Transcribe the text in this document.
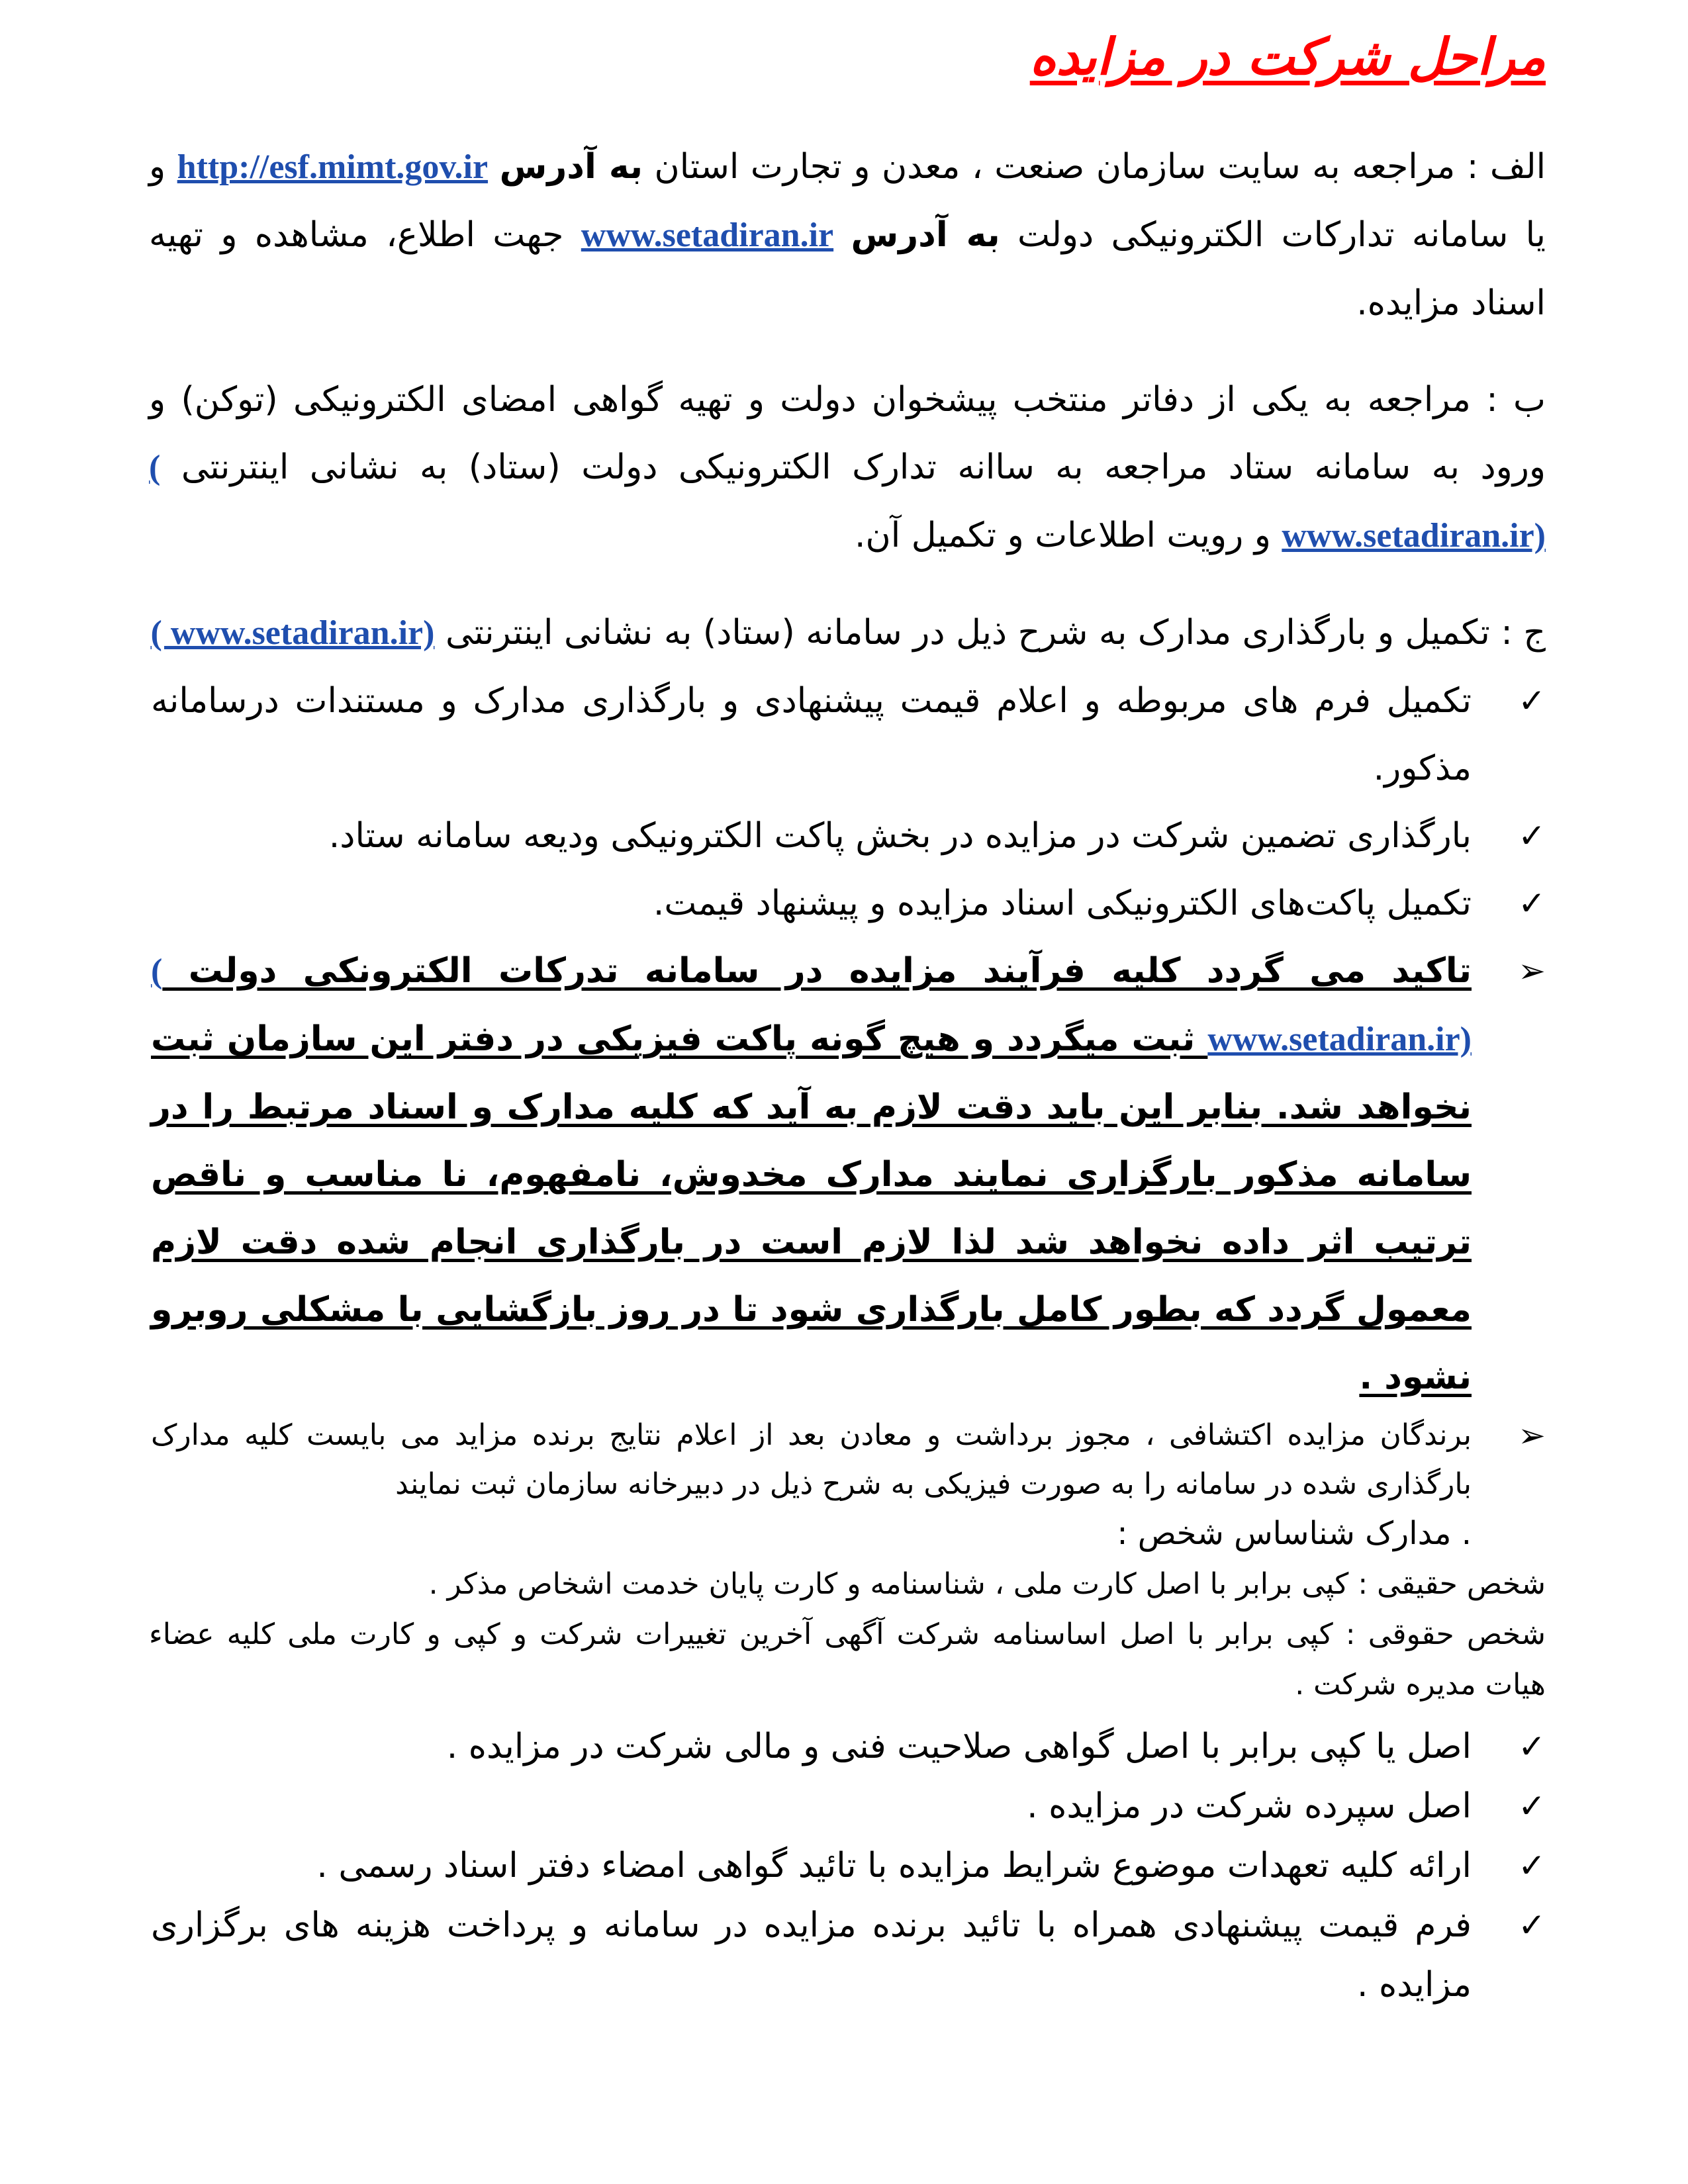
مراحل شرکت در مزایده

الف : مراجعه به سایت سازمان صنعت ، معدن و تجارت استان به آدرس http://esf.mimt.gov.ir و یا سامانه تدارکات الکترونیکی دولت به آدرس www.setadiran.ir جهت اطلاع، مشاهده و تهیه اسناد مزایده.

ب : مراجعه به یکی از دفاتر منتخب پیشخوان دولت و تهیه گواهی امضای الکترونیکی (توکن) و ورود به سامانه ستاد مراجعه به ساانه تدارک الکترونیکی دولت (ستاد) به نشانی اینترنتی ( www.setadiran.ir) و رویت اطلاعات و تکمیل آن.

ج : تکمیل و بارگذاری مدارک به شرح ذیل در سامانه (ستاد) به نشانی اینترنتی ( www.setadiran.ir)

✓
تکمیل فرم های مربوطه و اعلام قیمت پیشنهادی و بارگذاری مدارک و مستندات درسامانه مذکور.
✓
بارگذاری تضمین شرکت در مزایده در بخش پاکت الکترونیکی ودیعه سامانه ستاد.
✓
تکمیل پاکت‌های الکترونیکی اسناد مزایده و پیشنهاد قیمت.
➢
تاکید می گردد کلیه فرآیند مزایده در سامانه تدرکات الکترونکی دولت ( www.setadiran.ir) ثبت میگردد و هیچ گونه پاکت فیزیکی در دفتر این سازمان ثبت نخواهد شد. بنابر این باید دقت لازم به آید که کلیه مدارک و اسناد مرتبط را در سامانه مذکور بارگزاری نمایند مدارک مخدوش، نامفهوم، نا مناسب و ناقص ترتیب اثر داده نخواهد شد لذا لازم است در بارگذاری انجام شده دقت لازم معمول گردد که بطور کامل بارگذاری شود تا در روز بازگشایی با مشکلی روبرو نشود .
➢
برندگان مزایده اکتشافی ، مجوز برداشت و معادن بعد از اعلام نتایج برنده مزاید می بایست کلیه مدارک بارگذاری شده در سامانه را به صورت فیزیکی به شرح ذیل در دبیرخانه سازمان ثبت نمایند
. مدارک شناساس شخص :
شخص حقیقی : کپی برابر با اصل کارت ملی ، شناسنامه و کارت پایان خدمت اشخاص مذکر .
شخص حقوقی : کپی برابر با اصل اساسنامه شرکت آگهی آخرین تغییرات شرکت و کپی و کارت ملی کلیه عضاء هیات مدیره شرکت .
✓
اصل یا کپی برابر با اصل گواهی صلاحیت فنی و مالی شرکت در مزایده .
✓
اصل سپرده شرکت در مزایده .
✓
ارائه کلیه تعهدات موضوع شرایط مزایده با تائید گواهی امضاء دفتر اسناد رسمی .
✓
فرم قیمت پیشنهادی همراه با تائید برنده مزایده در سامانه و پرداخت هزینه های برگزاری مزایده .
